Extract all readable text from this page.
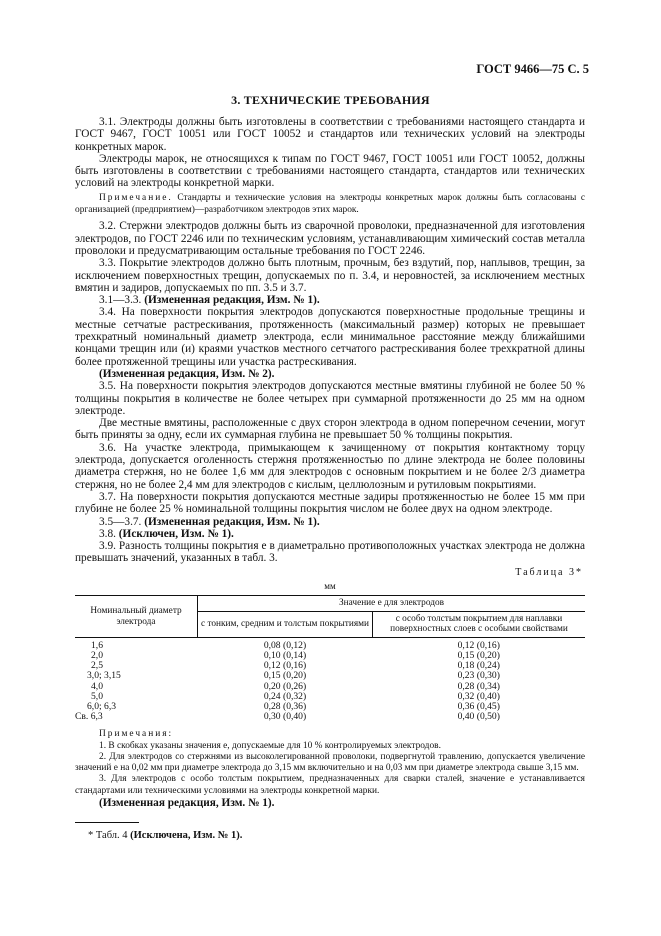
ГОСТ 9466—75 С. 5
3. ТЕХНИЧЕСКИЕ ТРЕБОВАНИЯ

3.1. Электроды должны быть изготовлены в соответствии с требованиями настоящего стандарта и ГОСТ 9467, ГОСТ 10051 или ГОСТ 10052 и стандартов или технических условий на электроды конкретных марок.

Электроды марок, не относящихся к типам по ГОСТ 9467, ГОСТ 10051 или ГОСТ 10052, должны быть изготовлены в соответствии с требованиями настоящего стандарта, стандартов или технических условий на электроды конкретной марки.

Примечание. Стандарты и технические условия на электроды конкретных марок должны быть согласованы с организацией (предприятием)—разработчиком электродов этих марок.

3.2. Стержни электродов должны быть из сварочной проволоки, предназначенной для изготовления электродов, по ГОСТ 2246 или по техническим условиям, устанавливающим химический состав металла проволоки и предусматривающим остальные требования по ГОСТ 2246.

3.3. Покрытие электродов должно быть плотным, прочным, без вздутий, пор, наплывов, трещин, за исключением поверхностных трещин, допускаемых по п. 3.4, и неровностей, за исключением местных вмятин и задиров, допускаемых по пп. 3.5 и 3.7.

3.1—3.3. (Измененная редакция, Изм. № 1).

3.4. На поверхности покрытия электродов допускаются поверхностные продольные трещины и местные сетчатые растрескивания, протяженность (максимальный размер) которых не превышает трехкратный номинальный диаметр электрода, если минимальное расстояние между ближайшими концами трещин или (и) краями участков местного сетчатого растрескивания более трехкратной длины более протяженной трещины или участка растрескивания.

(Измененная редакция, Изм. № 2).

3.5. На поверхности покрытия электродов допускаются местные вмятины глубиной не более 50 % толщины покрытия в количестве не более четырех при суммарной протяженности до 25 мм на одном электроде.

Две местные вмятины, расположенные с двух сторон электрода в одном поперечном сечении, могут быть приняты за одну, если их суммарная глубина не превышает 50 % толщины покрытия.

3.6. На участке электрода, примыкающем к зачищенному от покрытия контактному торцу электрода, допускается оголенность стержня протяженностью по длине электрода не более половины диаметра стержня, но не более 1,6 мм для электродов с основным покрытием и не более 2/3 диаметра стержня, но не более 2,4 мм для электродов с кислым, целлюлозным и рутиловым покрытиями.

3.7. На поверхности покрытия допускаются местные задиры протяженностью не более 15 мм при глубине не более 25 % номинальной толщины покрытия числом не более двух на одном электроде.

3.5—3.7. (Измененная редакция, Изм. № 1).

3.8. (Исключен, Изм. № 1).

3.9. Разность толщины покрытия е в диаметрально противоположных участках электрода не должна превышать значений, указанных в табл. 3.

Таблица 3*
мм
Номинальный диаметр электрода	Значение е для электродов	
	с тонким, средним и толстым покрытиями	с особо толстым покрытием для наплавки поверхностных слоев с особыми свойствами
1,6	0,08 (0,12)	0,12 (0,16)
2,0	0,10 (0,14)	0,15 (0,20)
2,5	0,12 (0,16)	0,18 (0,24)
3,0; 3,15	0,15 (0,20)	0,23 (0,30)
4,0	0,20 (0,26)	0,28 (0,34)
5,0	0,24 (0,32)	0,32 (0,40)
6,0; 6,3	0,28 (0,36)	0,36 (0,45)
Св. 6,3	0,30 (0,40)	0,40 (0,50)

Примечания:

1. В скобках указаны значения е, допускаемые для 10 % контролируемых электродов.

2. Для электродов со стержнями из высоколегированной проволоки, подвергнутой травлению, допускается увеличение значений е на 0,02 мм при диаметре электрода до 3,15 мм включительно и на 0,03 мм при диаметре электрода свыше 3,15 мм.

3. Для электродов с особо толстым покрытием, предназначенных для сварки сталей, значение е устанавливается стандартами или техническими условиями на электроды конкретной марки.

(Измененная редакция, Изм. № 1).

* Табл. 4 (Исключена, Изм. № 1).
